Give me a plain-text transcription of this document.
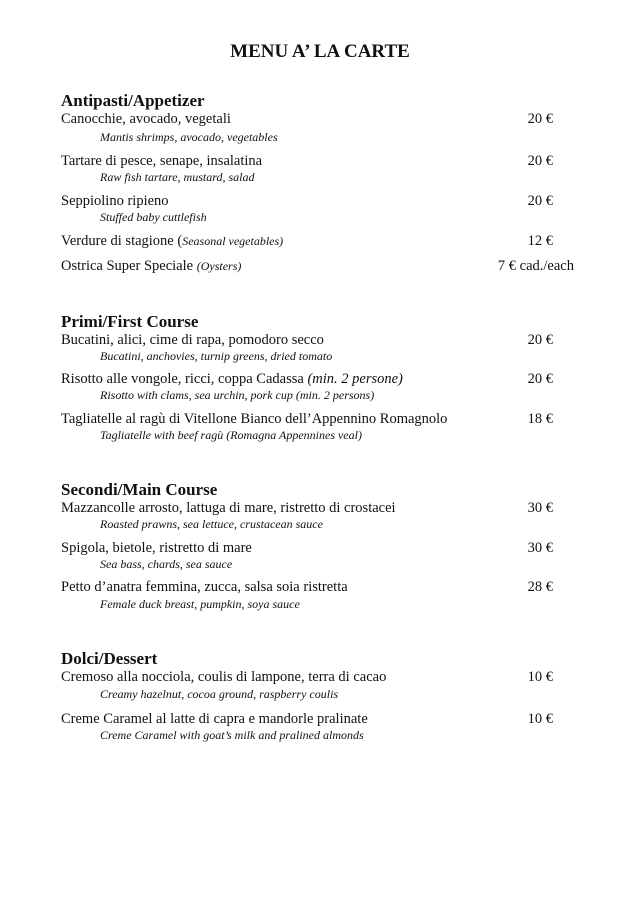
MENU A’ LA CARTE
Antipasti/Appetizer
Canocchie, avocado, vegetali	20 €
Mantis shrimps, avocado, vegetables
Tartare di pesce, senape, insalatina	20 €
Raw fish tartare, mustard, salad
Seppiolino ripieno	20 €
Stuffed baby cuttlefish
Verdure di stagione (Seasonal vegetables)	12 €
Ostrica Super Speciale (Oysters)	7 € cad./each
Primi/First Course
Bucatini, alici, cime di rapa, pomodoro secco	20 €
Bucatini, anchovies, turnip greens, dried tomato
Risotto alle vongole, ricci, coppa Cadassa (min. 2 persone)	20 €
Risotto with clams, sea urchin, pork cup (min. 2 persons)
Tagliatelle al ragù di Vitellone Bianco dell’Appennino Romagnolo	18 €
Tagliatelle with beef ragù (Romagna Appennines veal)
Secondi/Main Course
Mazzancolle arrosto, lattuga di mare, ristretto di crostacei	30 €
Roasted prawns, sea lettuce, crustacean sauce
Spigola, bietole, ristretto di mare	30 €
Sea bass, chards, sea sauce
Petto d’anatra femmina, zucca, salsa soia ristretta	28 €
Female duck breast, pumpkin, soya sauce
Dolci/Dessert
Cremoso alla nocciola, coulis di lampone, terra di cacao	10 €
Creamy hazelnut, cocoa ground, raspberry coulis
Creme Caramel al latte di capra e mandorle pralinate	10 €
Creme Caramel with goat’s milk and pralined almonds
